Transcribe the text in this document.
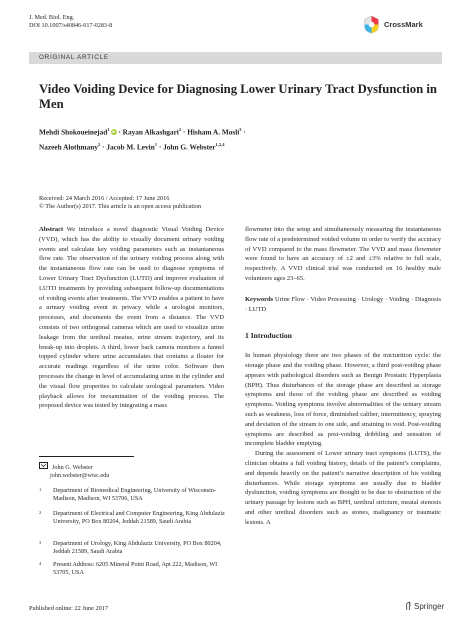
J. Med. Biol. Eng.
DOI 10.1007/s40846-017-0283-8	CrossMark
ORIGINAL ARTICLE
Video Voiding Device for Diagnosing Lower Urinary Tract Dysfunction in Men
Mehdi Shokoueinejad$^1$ iD · Rayan Alkashgari$^2$ · Hisham A. Mosli$^3$ ·
Nazeeh Alothmany$^2$ · Jacob M. Levin$^1$ · John G. Webster$^{1,2,4}$
Received: 24 March 2016 / Accepted: 17 June 2016
© The Author(s) 2017. This article is an open access publication

Abstract We introduce a novel diagnostic Visual Voiding Device (VVD), which has the ability to visually document urinary voiding events and calculate key voiding parameters such as instantaneous flow rate. The observation of the urinary voiding process along with the instantaneous flow rate can be used to diagnose symptoms of Lower Urinary Tract Dysfunction (LUTD) and improve evaluation of LUTD treatments by providing subsequent follow-up documentations of voiding events after treatments. The VVD enables a patient to have a urinary voiding event in privacy while a urologist monitors, processes, and documents the event from a distance. The VVD consists of two orthogonal cameras which are used to visualize urine leakage from the urethral meatus, urine stream trajectory, and its break-up into droplets. A third, lower back camera monitors a funnel topped cylinder where urine accumulates that contains a floater for accurate readings regardless of the urine color. Software then processes the change in level of accumulating urine in the cylinder and the visual flow properties to calculate urological parameters. Video playback allows for reexamination of the voiding process. The proposed device was tested by integrating a mass

John G. Webster
john.webster@wisc.edu
1 Department of Biomedical Engineering, University of Wisconsin-Madison, Madison, WI 53706, USA
2 Department of Electrical and Computer Engineering, King Abdulaziz University, PO Box 80204, Jeddah 21589, Saudi Arabia
3 Department of Urology, King Abdulaziz University, PO Box 80204, Jeddah 21589, Saudi Arabia
4 Present Address: 6205 Mineral Point Road, Apt 222, Madison, WI 53705, USA

flowmeter into the setup and simultaneously measuring the instantaneous flow rate of a predetermined voided volume in order to verify the accuracy of VVD compared to the mass flowmeter. The VVD and mass flowmeter were found to have an accuracy of ±2 and ±3% relative to full scale, respectively. A VVD clinical trial was conducted on 16 healthy male volunteers ages 23–65.

Keywords Urine Flow · Video Processing · Urology · Voiding · Diagnosis · LUTD

1 Introduction

In human physiology there are two phases of the micturition cycle: the storage phase and the voiding phase. However, a third post-voiding phase appears with pathological disorders such as Benign Prostatic Hyperplasia (BPH). Thus disturbances of the storage phase are described as storage symptoms and those of the voiding phase are described as voiding symptoms. Voiding symptoms involve abnormalities of the urinary stream such as weakness, loss of force, diminished caliber, intermittency, spraying and deviation of the stream to one side, and straining to void. Post-voiding symptoms are described as post-voiding dribbling and sensation of incomplete bladder emptying.

During the assessment of Lower urinary tract symptoms (LUTS), the clinician obtains a full voiding history, details of the patient’s complaints, and depends heavily on the patient’s narrative description of his voiding disturbances. While storage symptoms are usually due to bladder dysfunction, voiding symptoms are thought to be due to obstruction of the urinary passage by lesions such as BPH, urethral stricture, meatal stenosis and other urethral disorders such as stones, malignancy or traumatic lesions. A

Published online: 22 June 2017	Springer
